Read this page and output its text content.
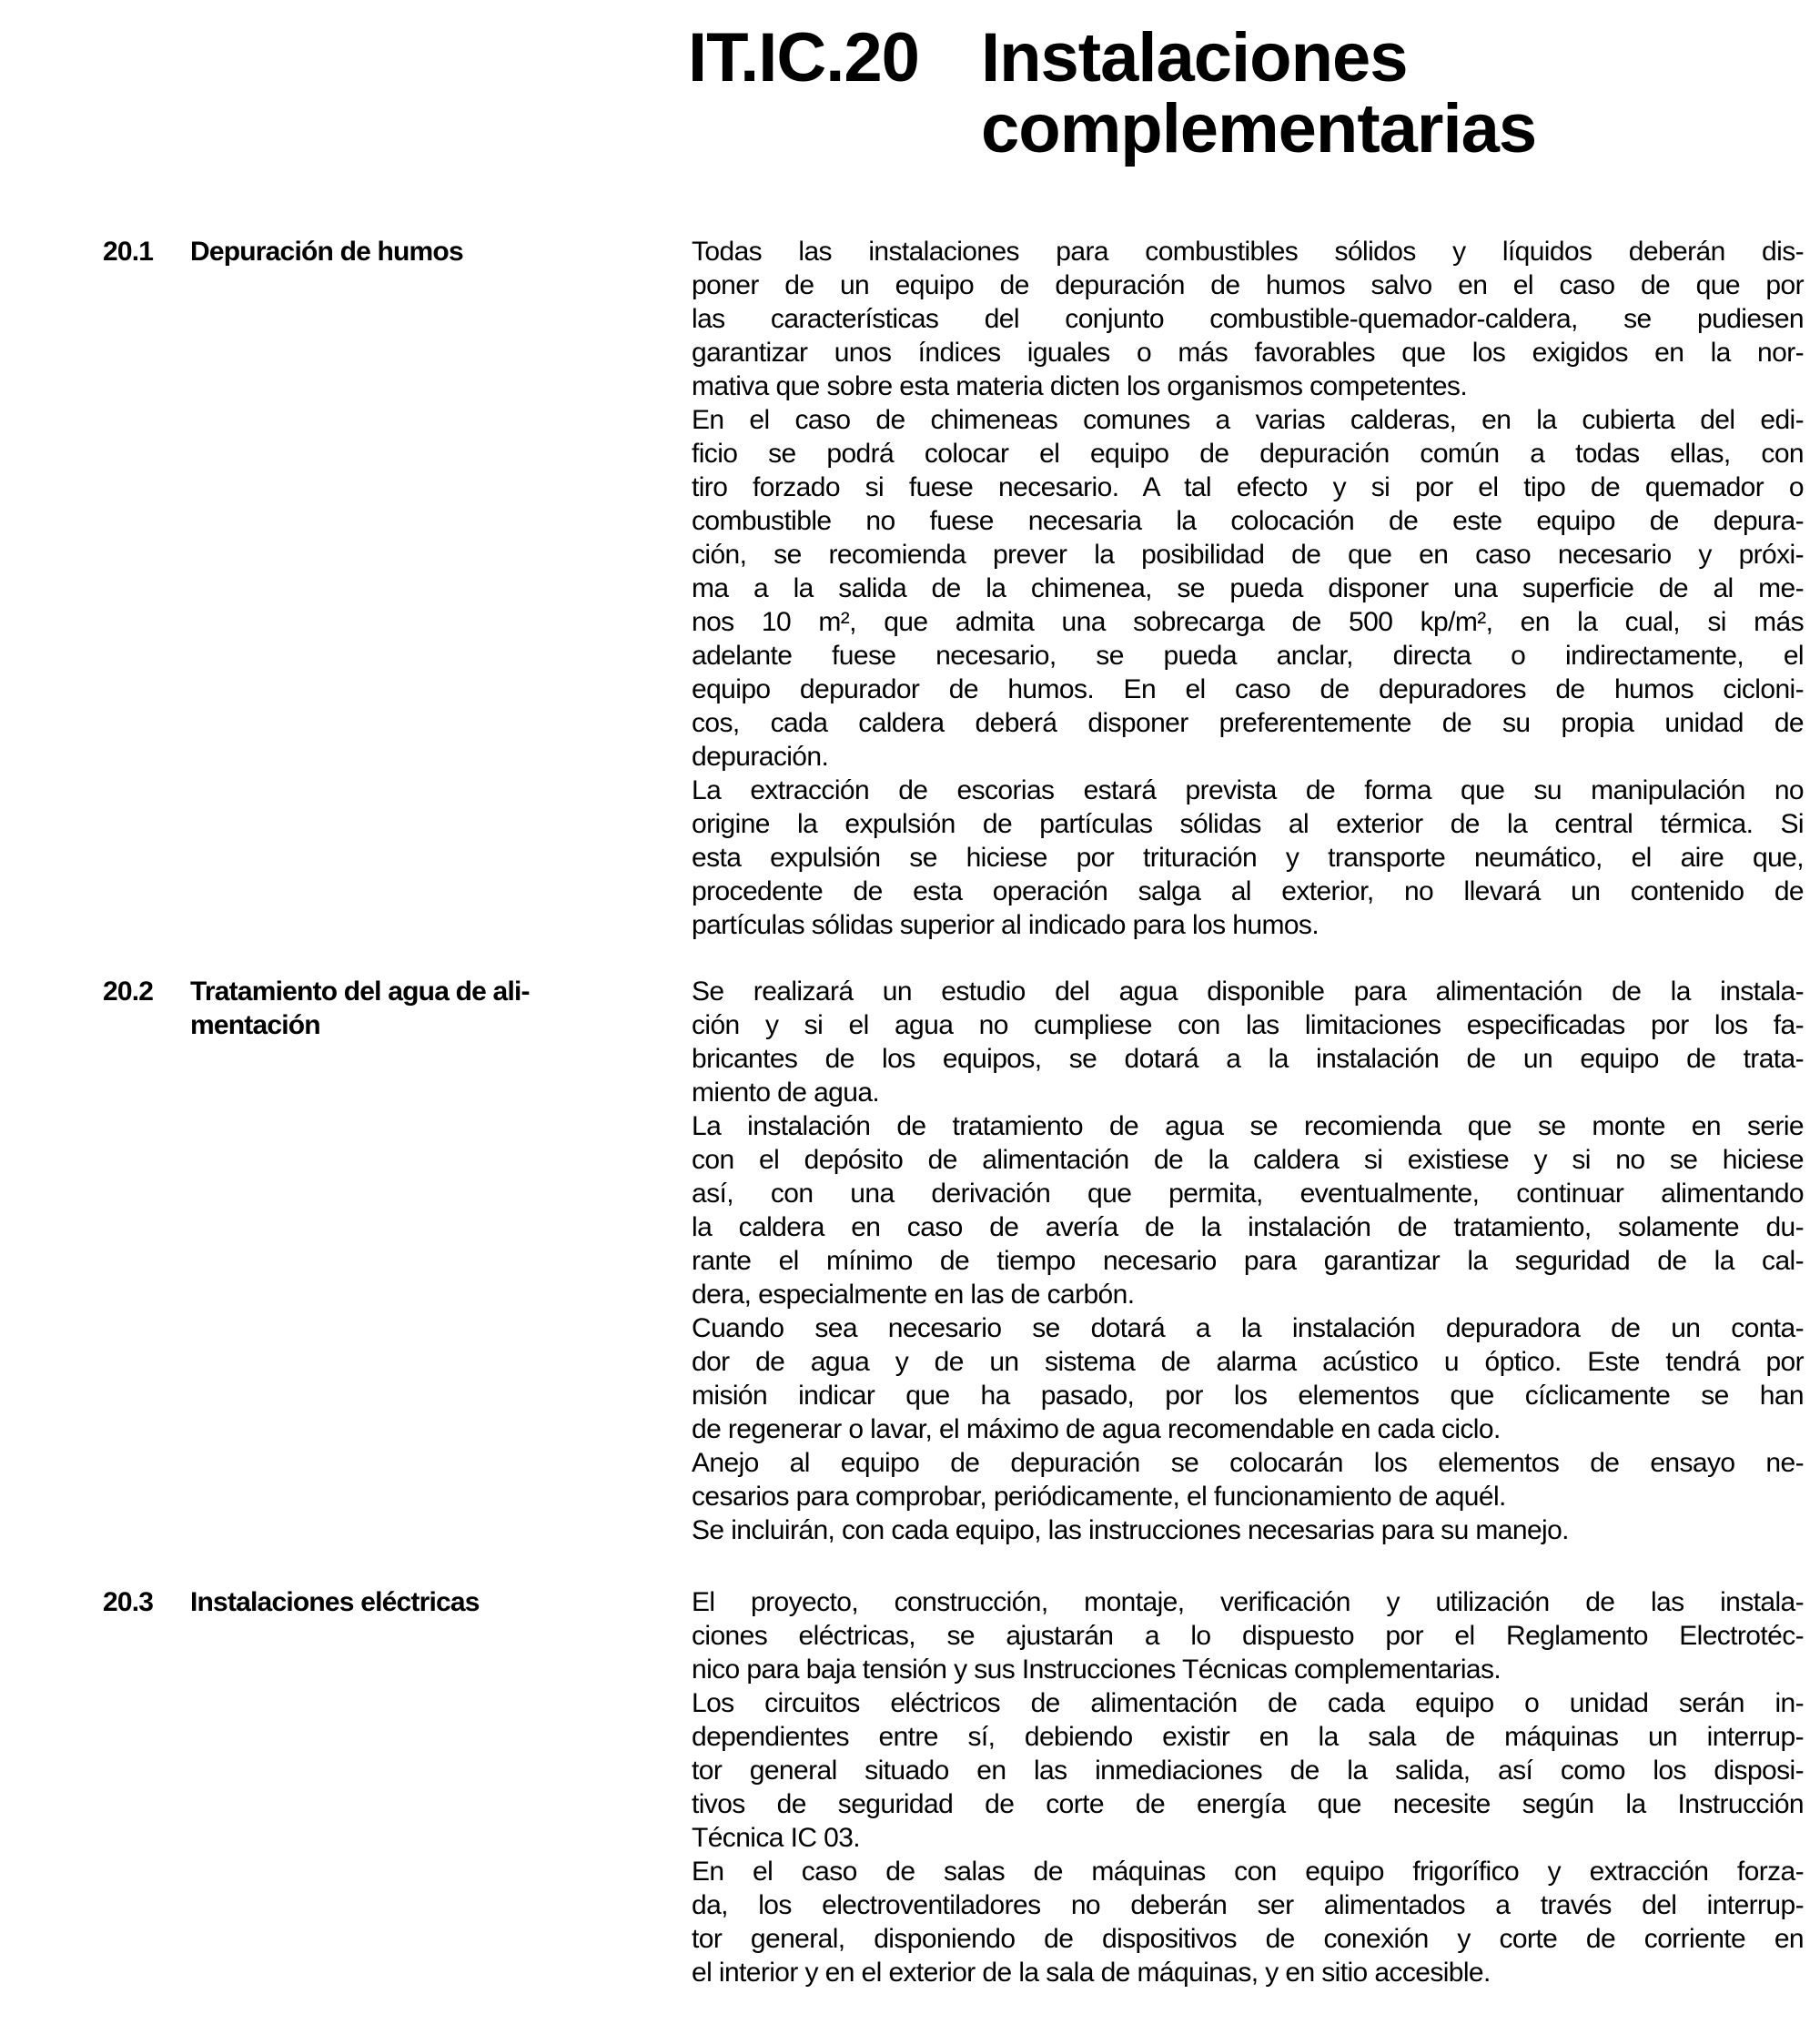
IT.IC.20 Instalaciones
complementarias
20.1 Depuración de humos	Todas las instalaciones para combustibles sólidos y líquidos deberán dis-
poner de un equipo de depuración de humos salvo en el caso de que por
las características del conjunto combustible-quemador-caldera, se pudiesen
garantizar unos índices iguales o más favorables que los exigidos en la nor-
mativa que sobre esta materia dicten los organismos competentes.
En el caso de chimeneas comunes a varias calderas, en la cubierta del edi-
ficio se podrá colocar el equipo de depuración común a todas ellas, con
tiro forzado si fuese necesario. A tal efecto y si por el tipo de quemador o
combustible no fuese necesaria la colocación de este equipo de depura-
ción, se recomienda prever la posibilidad de que en caso necesario y próxi-
ma a la salida de la chimenea, se pueda disponer una superficie de al me-
nos 10 m², que admita una sobrecarga de 500 kp/m², en la cual, si más
adelante fuese necesario, se pueda anclar, directa o indirectamente, el
equipo depurador de humos. En el caso de depuradores de humos cicloni-
cos, cada caldera deberá disponer preferentemente de su propia unidad de
depuración.
La extracción de escorias estará prevista de forma que su manipulación no
origine la expulsión de partículas sólidas al exterior de la central térmica. Si
esta expulsión se hiciese por trituración y transporte neumático, el aire que,
procedente de esta operación salga al exterior, no llevará un contenido de
partículas sólidas superior al indicado para los humos.
20.2 Tratamiento del agua de ali-
mentación
Se realizará un estudio del agua disponible para alimentación de la instala-
ción y si el agua no cumpliese con las limitaciones especificadas por los fa-
bricantes de los equipos, se dotará a la instalación de un equipo de trata-
miento de agua.
La instalación de tratamiento de agua se recomienda que se monte en serie
con el depósito de alimentación de la caldera si existiese y si no se hiciese
así, con una derivación que permita, eventualmente, continuar alimentando
la caldera en caso de avería de la instalación de tratamiento, solamente du-
rante el mínimo de tiempo necesario para garantizar la seguridad de la cal-
dera, especialmente en las de carbón.
Cuando sea necesario se dotará a la instalación depuradora de un conta-
dor de agua y de un sistema de alarma acústico u óptico. Este tendrá por
misión indicar que ha pasado, por los elementos que cíclicamente se han
de regenerar o lavar, el máximo de agua recomendable en cada ciclo.
Anejo al equipo de depuración se colocarán los elementos de ensayo ne-
cesarios para comprobar, periódicamente, el funcionamiento de aquél.
Se incluirán, con cada equipo, las instrucciones necesarias para su manejo.
20.3 Instalaciones eléctricas	El proyecto, construcción, montaje, verificación y utilización de las instala-
ciones eléctricas, se ajustarán a lo dispuesto por el Reglamento Electrotéc-
nico para baja tensión y sus Instrucciones Técnicas complementarias.
Los circuitos eléctricos de alimentación de cada equipo o unidad serán in-
dependientes entre sí, debiendo existir en la sala de máquinas un interrup-
tor general situado en las inmediaciones de la salida, así como los disposi-
tivos de seguridad de corte de energía que necesite según la Instrucción
Técnica IC 03.
En el caso de salas de máquinas con equipo frigorífico y extracción forza-
da, los electroventiladores no deberán ser alimentados a través del interrup-
tor general, disponiendo de dispositivos de conexión y corte de corriente en
el interior y en el exterior de la sala de máquinas, y en sitio accesible.
